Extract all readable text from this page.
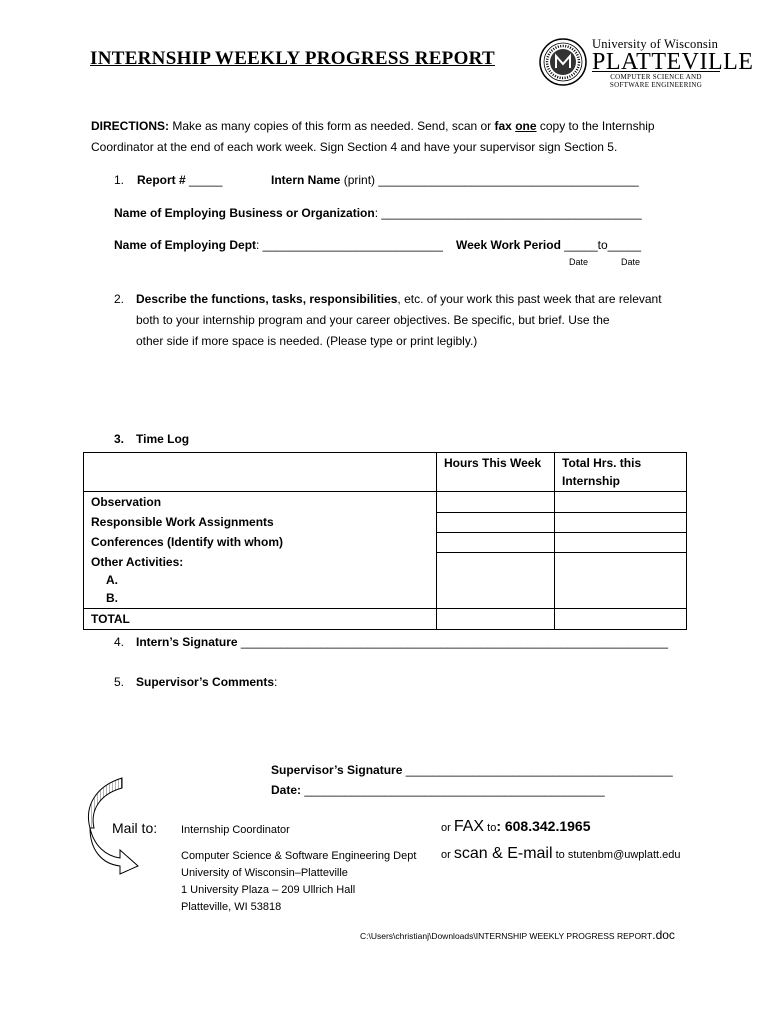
INTERNSHIP WEEKLY PROGRESS REPORT
University of Wisconsin
PLATTEVILLE
COMPUTER SCIENCE AND
SOFTWARE ENGINEERING
DIRECTIONS: Make as many copies of this form as needed. Send, scan or fax one copy to the Internship
Coordinator at the end of each work week. Sign Section 4 and have your supervisor sign Section 5.
1. Report # _____	Intern Name (print) _______________________________________
Name of Employing Business or Organization: _______________________________________
Name of Employing Dept: ___________________________ Week Work Period _____to_____
Date	Date
2. Describe the functions, tasks, responsibilities, etc. of your work this past week that are relevant
both to your internship program and your career objectives. Be specific, but brief. Use the
other side if more space is needed. (Please type or print legibly.)
3. Time Log
	Hours This Week	Total Hrs. this
Internship
Observation		
Responsible Work Assignments		
Conferences (Identify with whom)		

Other Activities:
A.
B.		

TOTAL		
4. Intern’s Signature ________________________________________________________________
5. Supervisor’s Comments:
Supervisor’s Signature ________________________________________
Date: _____________________________________________
Mail to: Internship Coordinator
Computer Science & Software Engineering Dept
University of Wisconsin–Platteville
1 University Plaza – 209 Ullrich Hall
Platteville, WI 53818
or FAX to: 608.342.1965
or scan & E-mail to stutenbm@uwplatt.edu
C:\Users\christianj\Downloads\INTERNSHIP WEEKLY PROGRESS REPORT.doc
